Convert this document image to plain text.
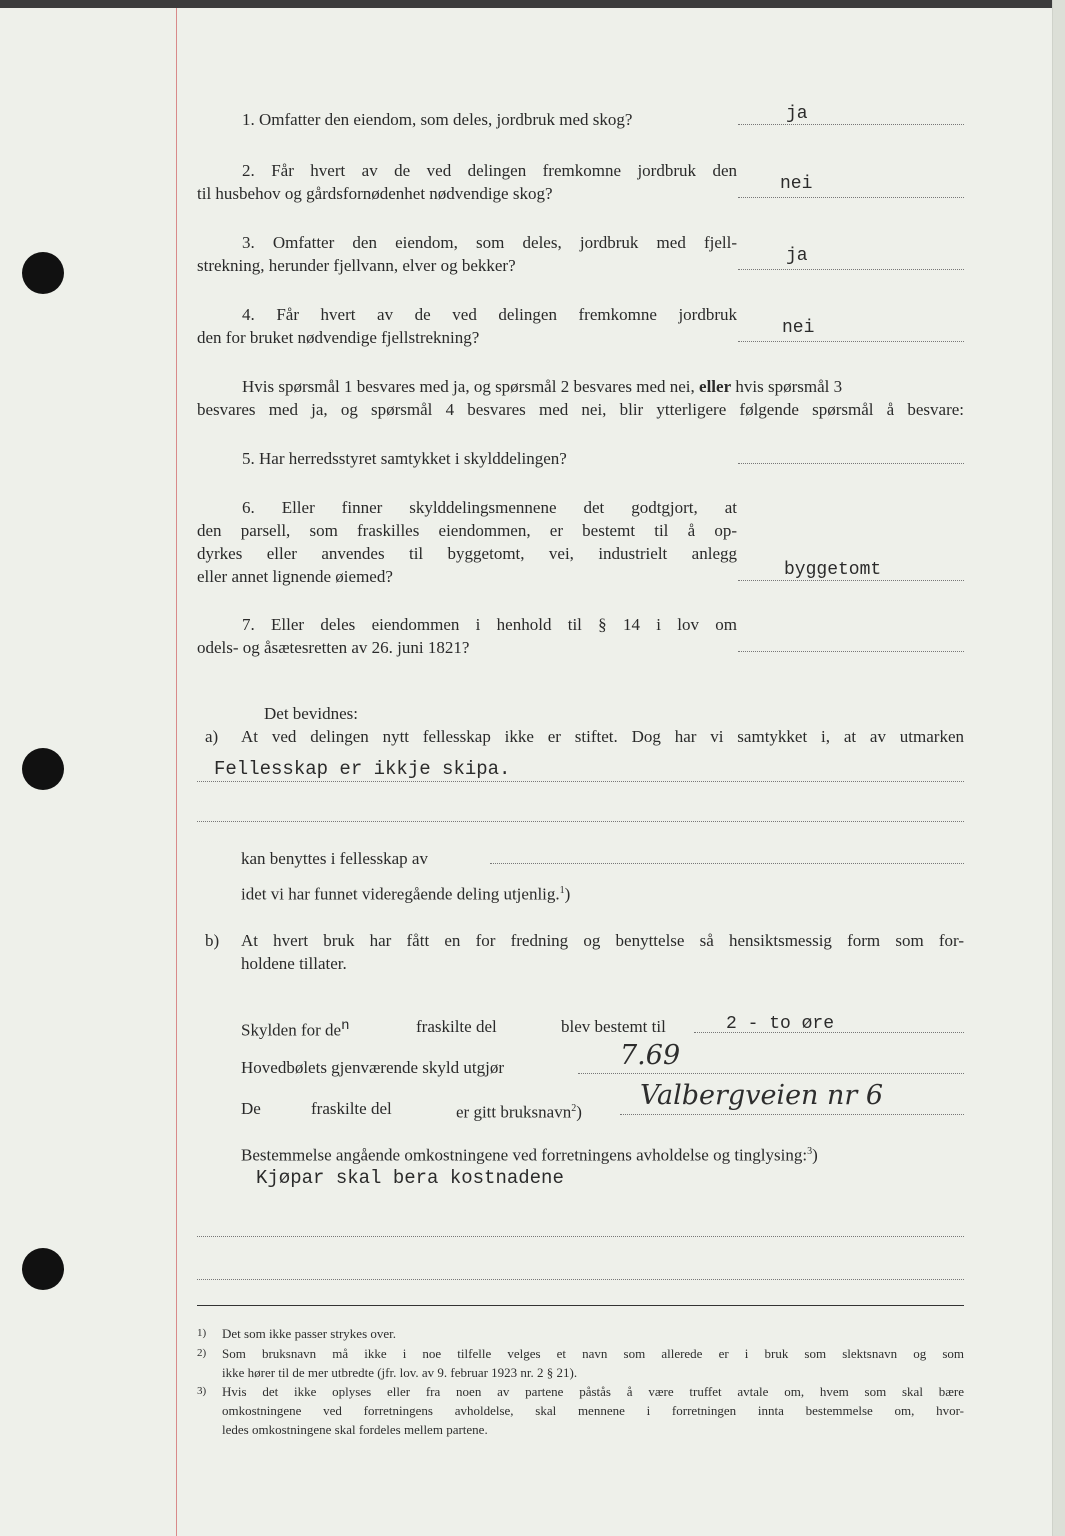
1. Omfatter den eiendom, som deles, jordbruk med skog?	ja
2. Får hvert av de ved delingen fremkomne jordbruk den
til husbehov og gårdsfornødenhet nødvendige skog?	nei
3. Omfatter den eiendom, som deles, jordbruk med fjell-
strekning, herunder fjellvann, elver og bekker?	ja
4. Får hvert av de ved delingen fremkomne jordbruk
den for bruket nødvendige fjellstrekning?	nei
Hvis spørsmål 1 besvares med ja, og spørsmål 2 besvares med nei, eller hvis spørsmål 3
besvares med ja, og spørsmål 4 besvares med nei, blir ytterligere følgende spørsmål å besvare:
5. Har herredsstyret samtykket i skylddelingen?
6. Eller finner skylddelingsmennene det godtgjort, at
den parsell, som fraskilles eiendommen, er bestemt til å op-
dyrkes eller anvendes til byggetomt, vei, industrielt anlegg
eller annet lignende øiemed?	byggetomt
7. Eller deles eiendommen i henhold til § 14 i lov om
odels- og åsætesretten av 26. juni 1821?
Det bevidnes:
a) At ved delingen nytt fellesskap ikke er stiftet. Dog har vi samtykket i, at av utmarken
Fellesskap er ikkje skipa.
kan benyttes i fellesskap av
idet vi har funnet videregående deling utjenlig.$^1$)
b) At hvert bruk har fått en for fredning og benyttelse så hensiktsmessig form som for-
holdene tillater.
Skylden for $de^n$	fraskilte del	blev bestemt til	2 - to øre
Hovedbølets gjenværende skyld utgjør	7.69
De	fraskilte del	er gitt bruksnavn$^2$)
Valbergveien nr 6
Bestemmelse angående omkostningene ved forretningens avholdelse og tinglysing:$^3$)
Kjøpar skal bera kostnadene
1) Det som ikke passer strykes over.
2) Som bruksnavn må ikke i noe tilfelle velges et navn som allerede er i bruk som slektsnavn og som
ikke hører til de mer utbredte (jfr. lov. av 9. februar 1923 nr. 2 § 21).
3) Hvis det ikke oplyses eller fra noen av partene påstås å være truffet avtale om, hvem som skal bære
omkostningene ved forretningens avholdelse, skal mennene i forretningen innta bestemmelse om, hvor-
ledes omkostningene skal fordeles mellem partene.
